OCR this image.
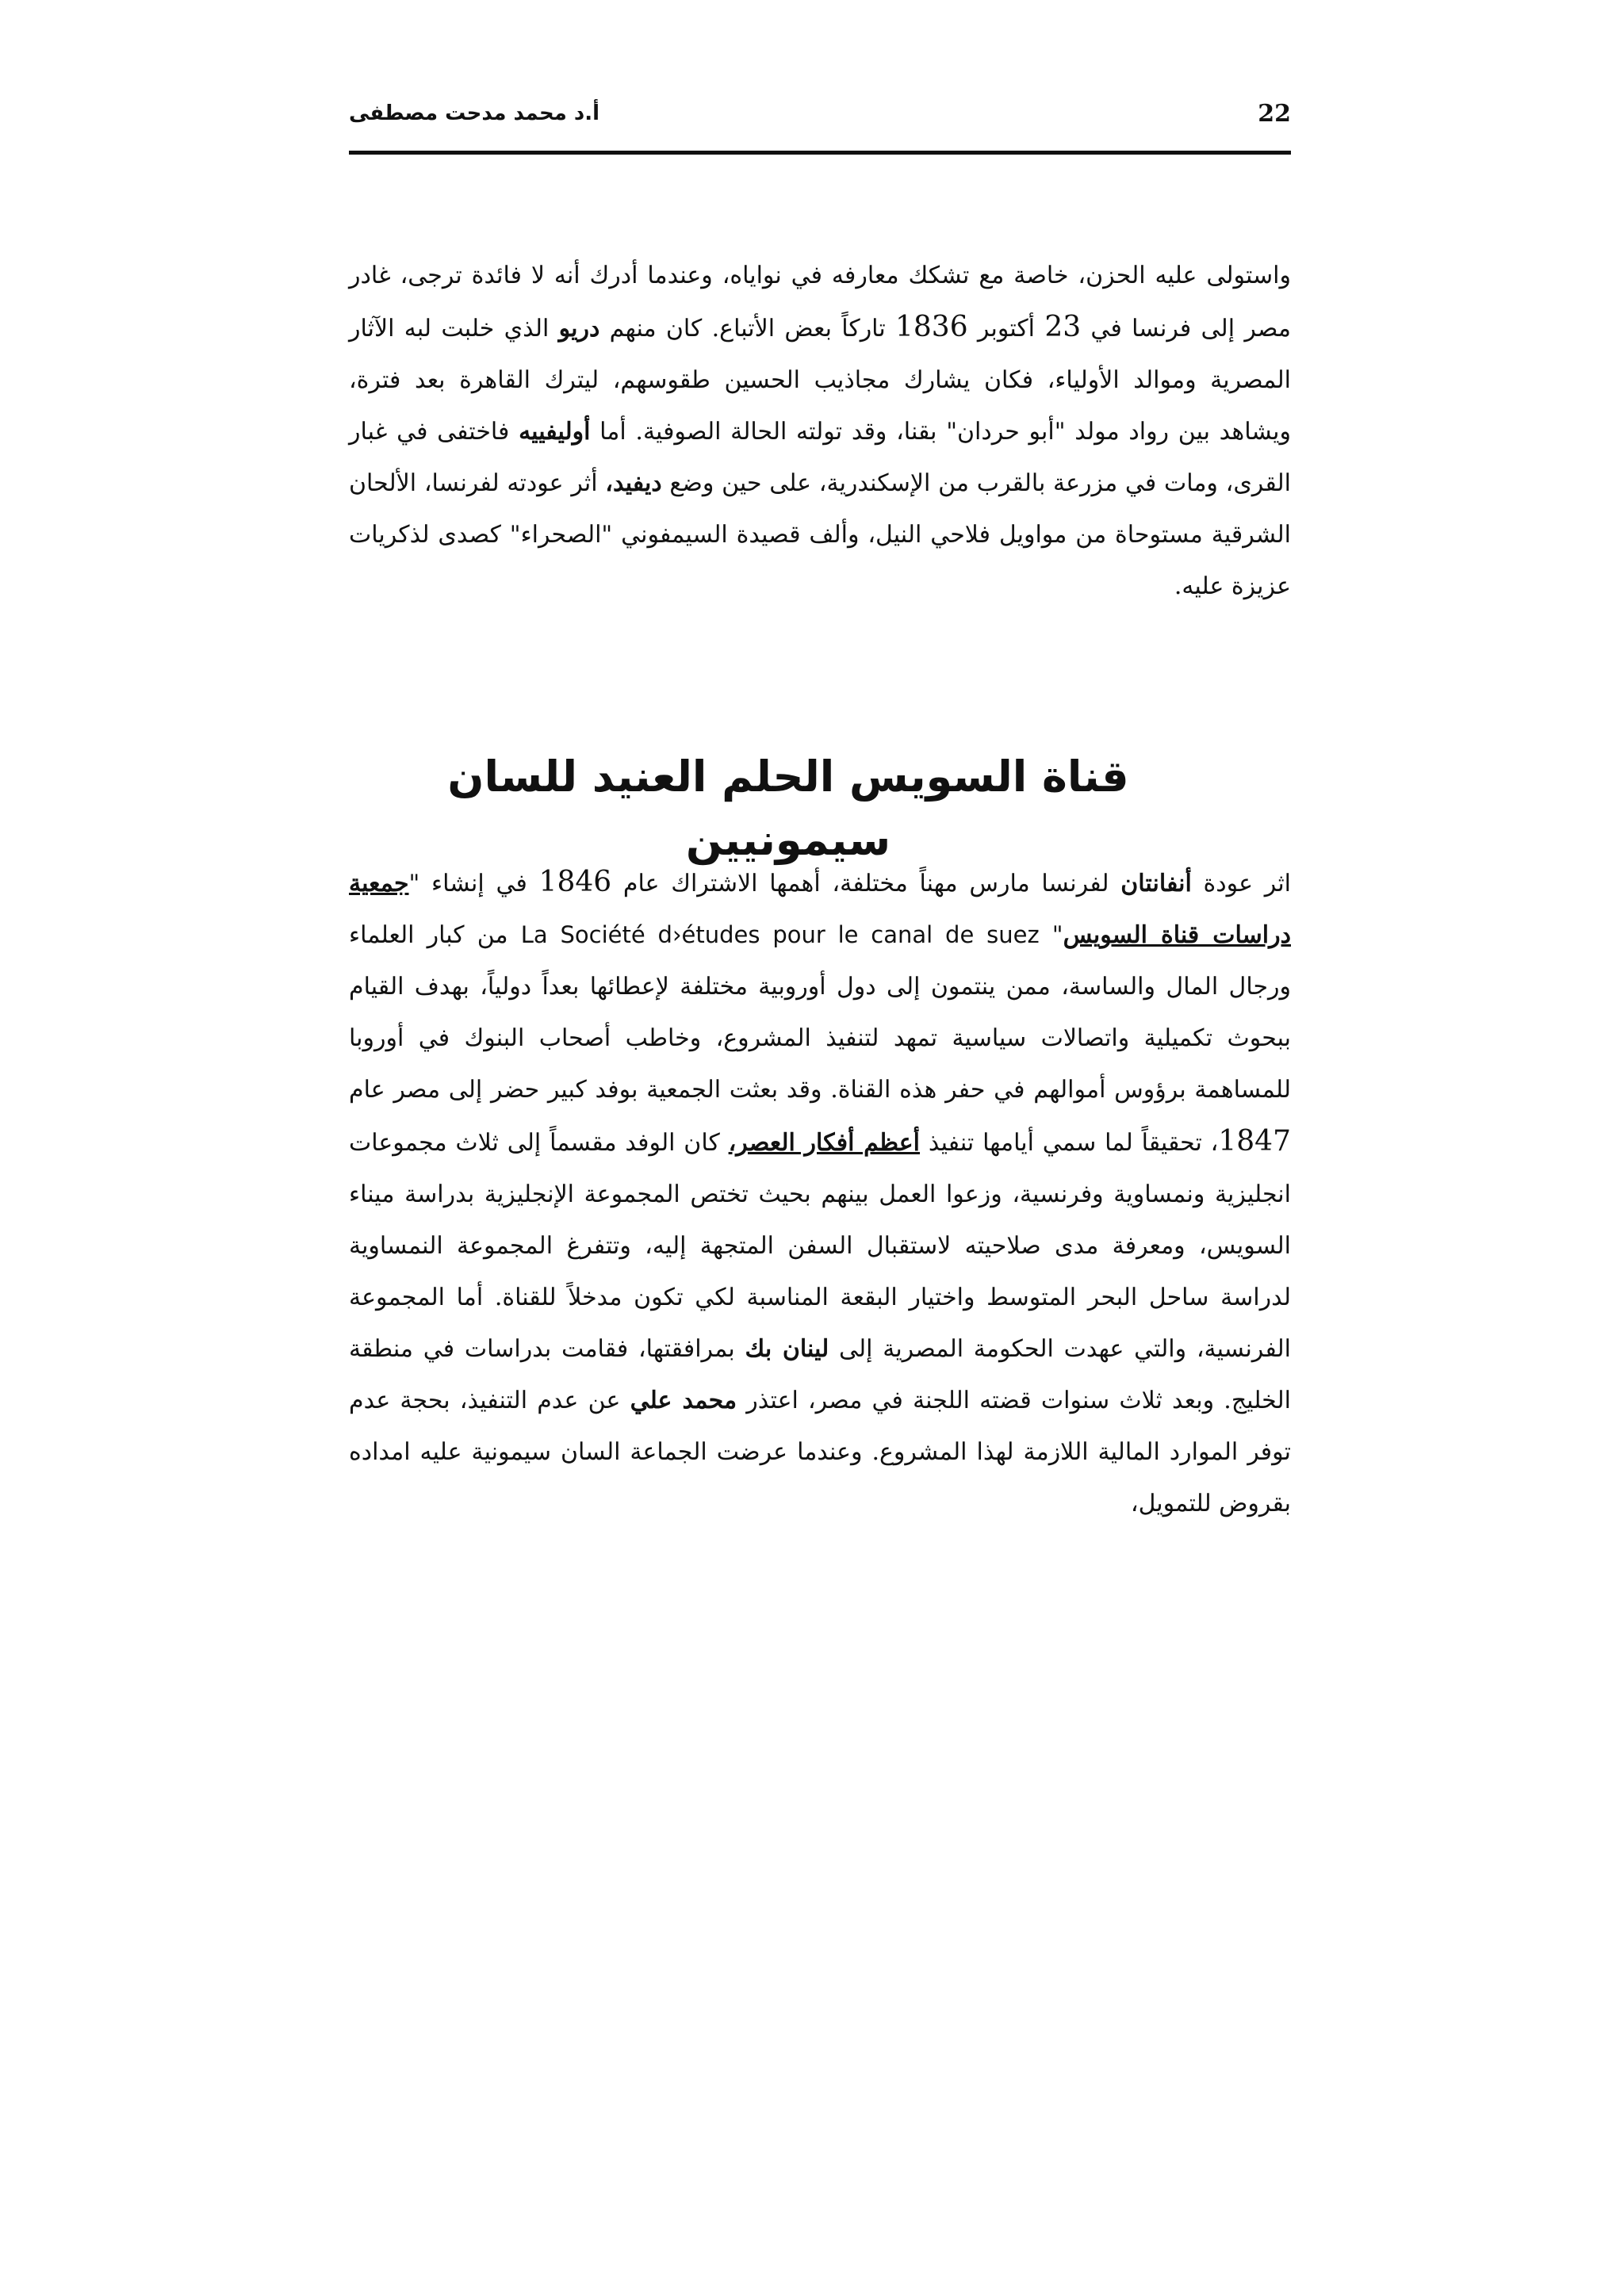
22
أ.د محمد مدحت مصطفى

واستولى عليه الحزن، خاصة مع تشكك معارفه في نواياه، وعندما أدرك أنه لا فائدة ترجى، غادر مصر إلى فرنسا في 23 أكتوبر 1836 تاركاً بعض الأتباع. كان منهم دريو الذي خلبت لبه الآثار المصرية وموالد الأولياء، فكان يشارك مجاذيب الحسين طقوسهم، ليترك القاهرة بعد فترة، ويشاهد بين رواد مولد "أبو حردان" بقنا، وقد تولته الحالة الصوفية. أما أوليفييه فاختفى في غبار القرى، ومات في مزرعة بالقرب من الإسكندرية، على حين وضع ديفيد، أثر عودته لفرنسا، الألحان الشرقية مستوحاة من مواويل فلاحي النيل، وألف قصيدة السيمفوني "الصحراء" كصدى لذكريات عزيزة عليه.

قناة السويس الحلم العنيد للسان سيمونيين

اثر عودة أنفانتان لفرنسا مارس مهناً مختلفة، أهمها الاشتراك عام 1846 في إنشاء "جمعية دراسات قناة السويس" La Société d›études pour le canal de suez من كبار العلماء ورجال المال والساسة، ممن ينتمون إلى دول أوروبية مختلفة لإعطائها بعداً دولياً، بهدف القيام ببحوث تكميلية واتصالات سياسية تمهد لتنفيذ المشروع، وخاطب أصحاب البنوك في أوروبا للمساهمة برؤوس أموالهم في حفر هذه القناة. وقد بعثت الجمعية بوفد كبير حضر إلى مصر عام 1847، تحقيقاً لما سمي أيامها تنفيذ أعظم أفكار العصر، كان الوفد مقسماً إلى ثلاث مجموعات انجليزية ونمساوية وفرنسية، وزعوا العمل بينهم بحيث تختص المجموعة الإنجليزية بدراسة ميناء السويس، ومعرفة مدى صلاحيته لاستقبال السفن المتجهة إليه، وتتفرغ المجموعة النمساوية لدراسة ساحل البحر المتوسط واختيار البقعة المناسبة لكي تكون مدخلاً للقناة. أما المجموعة الفرنسية، والتي عهدت الحكومة المصرية إلى لينان بك بمرافقتها، فقامت بدراسات في منطقة الخليج. وبعد ثلاث سنوات قضته اللجنة في مصر، اعتذر محمد علي عن عدم التنفيذ، بحجة عدم توفر الموارد المالية اللازمة لهذا المشروع. وعندما عرضت الجماعة السان سيمونية عليه امداده بقروض للتمويل،
